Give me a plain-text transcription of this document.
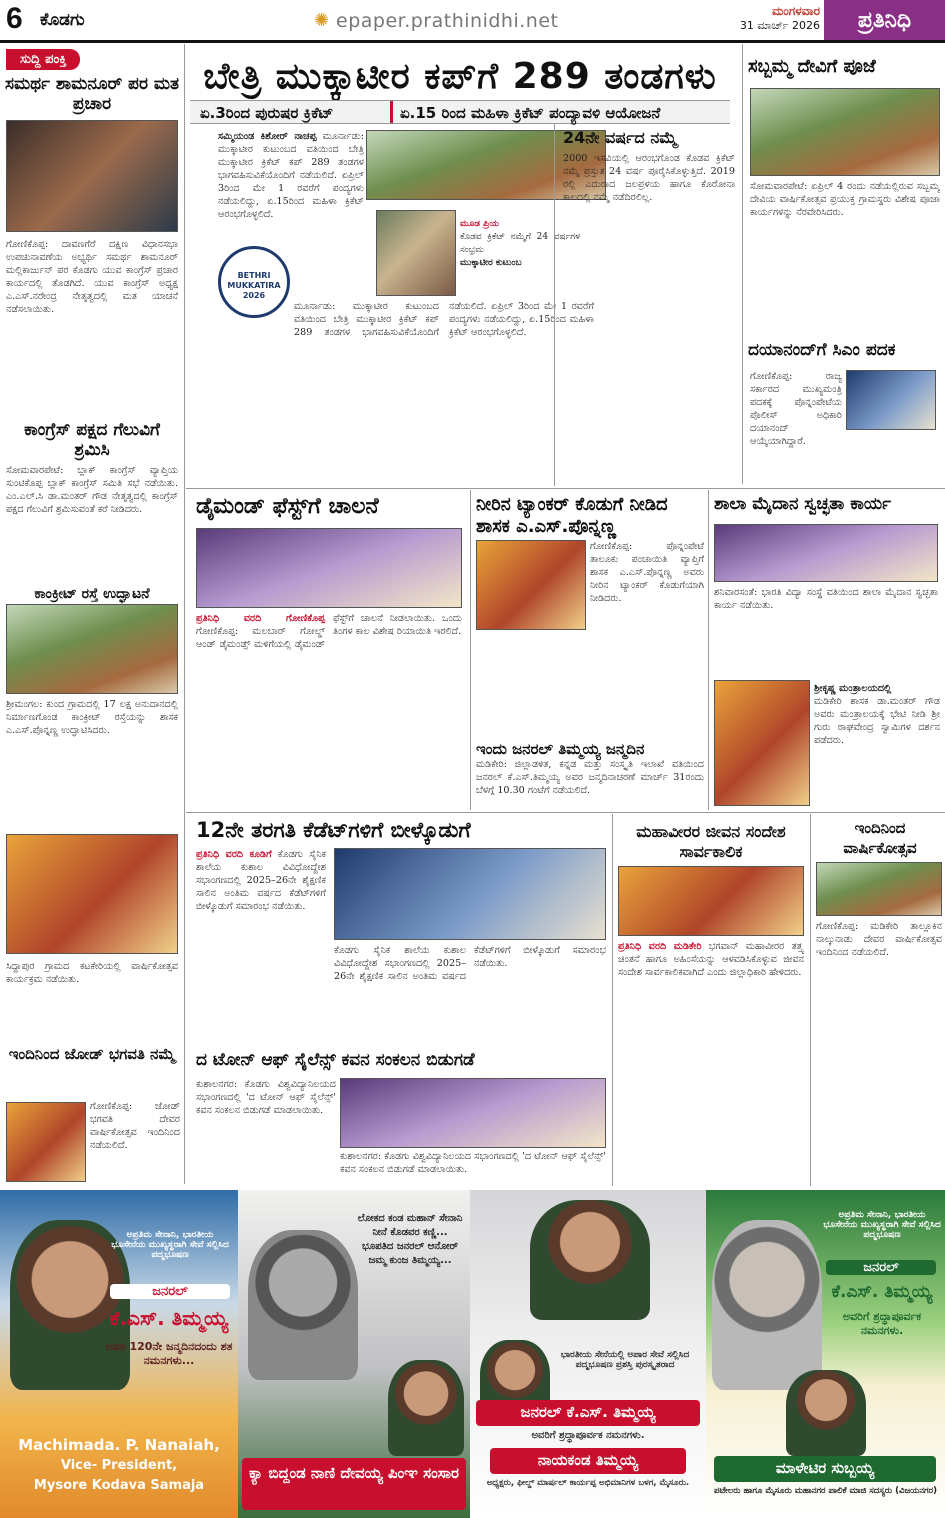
6 ಕೊಡಗು	✺ epaper.prathinidhi.net	ಮಂಗಳವಾರ
31 ಮಾರ್ಚ್ 2026	ಪ್ರತಿನಿಧಿ
ಸುದ್ದಿ ಪಂಕ್ತಿ
ಸಮರ್ಥ ಶಾಮನೂರ್ ಪರ ಮತ ಪ್ರಚಾರ
ಗೋಣಿಕೊಪ್ಪ: ದಾವಣಗೆರೆ ದಕ್ಷಿಣ ವಿಧಾನಸಭಾ ಉಪಚುನಾವಣೆಯ ಅಭ್ಯರ್ಥಿ ಸಮರ್ಥ ಶಾಮನೂರ್ ಮಲ್ಲಿಕಾರ್ಜುನ್ ಪರ ಕೊಡಗು ಯುವ ಕಾಂಗ್ರೆಸ್ ಪ್ರಚಾರ ಕಾರ್ಯದಲ್ಲಿ ತೊಡಗಿದೆ. ಯುವ ಕಾಂಗ್ರೆಸ್ ಅಧ್ಯಕ್ಷ ಎ.ಎಸ್.ನರೇಂದ್ರ ನೇತೃತ್ವದಲ್ಲಿ ಮತ ಯಾಚನೆ ನಡೆಸಲಾಯಿತು.
ಕಾಂಗ್ರೆಸ್ ಪಕ್ಷದ ಗೆಲುವಿಗೆ ಶ್ರಮಿಸಿ
ಸೋಮವಾರಪೇಟೆ: ಬ್ಲಾಕ್ ಕಾಂಗ್ರೆಸ್ ವ್ಯಾಪ್ತಿಯ ಸುಂಟಿಕೊಪ್ಪ ಬ್ಲಾಕ್ ಕಾಂಗ್ರೆಸ್ ಸಮಿತಿ ಸಭೆ ನಡೆಯಿತು. ಎಂ.ಎಲ್.ಸಿ ಡಾ.ಮಂತರ್ ಗೌಡ ನೇತೃತ್ವದಲ್ಲಿ ಕಾಂಗ್ರೆಸ್ ಪಕ್ಷದ ಗೆಲುವಿಗೆ ಶ್ರಮಿಸುವಂತೆ ಕರೆ ನೀಡಿದರು.
ಕಾಂಕ್ರೀಟ್ ರಸ್ತೆ ಉದ್ಘಾಟನೆ
ಶ್ರೀಮಂಗಲ: ಕುಂದ ಗ್ರಾಮದಲ್ಲಿ 17 ಲಕ್ಷ ಅನುದಾನದಲ್ಲಿ ನಿರ್ಮಾಣಗೊಂಡ ಕಾಂಕ್ರೀಟ್ ರಸ್ತೆಯನ್ನು ಶಾಸಕ ಎ.ಎಸ್.ಪೊನ್ನಣ್ಣ ಉದ್ಘಾಟಿಸಿದರು.
ಸಿದ್ದಾಪುರ ಗ್ರಾಮದ ಕಟಕೇರಿಯಲ್ಲಿ ವಾರ್ಷಿಕೋತ್ಸವ ಕಾರ್ಯಕ್ರಮ ನಡೆಯಿತು.
ಇಂದಿನಿಂದ ಜೋಡ್ ಭಗವತಿ ನಮ್ಮೆ
ಗೋಣಿಕೊಪ್ಪ: ಜೋಡ್ ಭಗವತಿ ದೇವರ ವಾರ್ಷಿಕೋತ್ಸವ ಇಂದಿನಿಂದ ನಡೆಯಲಿದೆ.
ಬೇತ್ರಿ ಮುಕ್ಕಾಟೀರ ಕಪ್‌ಗೆ 289 ತಂಡಗಳು
ಏ.3ರಿಂದ ಪುರುಷರ ಕ್ರಿಕೆಟ್	ಏ.15 ರಿಂದ ಮಹಿಳಾ ಕ್ರಿಕೆಟ್ ಪಂದ್ಯಾವಳಿ ಆಯೋಜನೆ
ಸಮ್ಮಿಯಂಡ ಕಿಶೋರ್ ನಾಚಪ್ಪ ಮೂರ್ನಾಡು: ಮುಕ್ಕಾಟೀರ ಕುಟುಂಬದ ವತಿಯಿಂದ ಬೇತ್ರಿ ಮುಕ್ಕಾಟೀರ ಕ್ರಿಕೆಟ್ ಕಪ್ 289 ತಂಡಗಳ ಭಾಗವಹಿಸುವಿಕೆಯೊಂದಿಗೆ ನಡೆಯಲಿದೆ. ಏಪ್ರಿಲ್ 3ರಿಂದ ಮೇ 1 ರವರೆಗೆ ಪಂದ್ಯಗಳು ನಡೆಯಲಿದ್ದು, ಏ.15ರಿಂದ ಮಹಿಳಾ ಕ್ರಿಕೆಟ್ ಆರಂಭಗೊಳ್ಳಲಿದೆ.
BETHRI MUKKATIRA 2026
ಮೂಡ ಪ್ರಿಯ
ಕೊಡವ ಕ್ರಿಕೆಟ್ ನಮ್ಮೆಗೆ 24 ವರ್ಷಗಳ ಸಂಭ್ರಮ
ಮುಕ್ಕಾಟೀರ ಕುಟುಂಬ
ಮೂರ್ನಾಡು: ಮುಕ್ಕಾಟೀರ ಕುಟುಂಬದ ವತಿಯಿಂದ ಬೇತ್ರಿ ಮುಕ್ಕಾಟೀರ ಕ್ರಿಕೆಟ್ ಕಪ್ 289 ತಂಡಗಳ ಭಾಗವಹಿಸುವಿಕೆಯೊಂದಿಗೆ ನಡೆಯಲಿದೆ. ಏಪ್ರಿಲ್ 3ರಿಂದ ಮೇ 1 ರವರೆಗೆ ಪಂದ್ಯಗಳು ನಡೆಯಲಿದ್ದು, ಏ.15ರಿಂದ ಮಹಿಳಾ ಕ್ರಿಕೆಟ್ ಆರಂಭಗೊಳ್ಳಲಿದೆ.
24ನೇ ವರ್ಷದ ನಮ್ಮೆ
2000 ಇಸವಿಯಲ್ಲಿ ಆರಂಭಗೊಂಡ ಕೊಡವ ಕ್ರಿಕೆಟ್ ನಮ್ಮೆ ಪ್ರಸ್ತುತ 24 ವರ್ಷ ಪೂರೈಸಿಕೊಳ್ಳುತ್ತಿದೆ. 2019 ರಲ್ಲಿ ಎದುರಾದ ಜಲಪ್ರಳಯ ಹಾಗೂ ಕೊರೋನಾ ಕಾಲದಲ್ಲಿ ನಮ್ಮೆ ನಡೆದಿರಲಿಲ್ಲ.
ಸಬ್ಬಮ್ಮ ದೇವಿಗೆ ಪೂಜೆ
ಸೋಮವಾರಪೇಟೆ: ಏಪ್ರಿಲ್ 4 ರಂದು ನಡೆಯಲ್ಲಿರುವ ಸಬ್ಬಮ್ಮ ದೇವಿಯ ವಾರ್ಷಿಕೋತ್ಸವ ಪ್ರಯುಕ್ತ ಗ್ರಾಮಸ್ಥರು ವಿಶೇಷ ಪೂಜಾ ಕಾರ್ಯಗಳನ್ನು ನೆರವೇರಿಸಿದರು.
ದಯಾನಂದ್‌ಗೆ ಸಿಎಂ ಪದಕ
ಗೋಣಿಕೊಪ್ಪ: ರಾಜ್ಯ ಸರ್ಕಾರದ ಮುಖ್ಯಮಂತ್ರಿ ಪದಕಕ್ಕೆ ಪೊನ್ನಂಪೇಟೆಯ ಪೊಲೀಸ್ ಅಧಿಕಾರಿ ದಯಾನಂದ್ ಆಯ್ಕೆಯಾಗಿದ್ದಾರೆ.
ಡೈಮಂಡ್ ಫೆಸ್ಟ್‌ಗೆ ಚಾಲನೆ
ಪ್ರತಿನಿಧಿ ವರದಿ ಗೋಣಿಕೊಪ್ಪ ಗೋಣಿಕೊಪ್ಪ: ಮಲಬಾರ್ ಗೋಲ್ಡ್ ಆಂಡ್ ಡೈಮಂಡ್ಸ್ ಮಳಿಗೆಯಲ್ಲಿ ಡೈಮಂಡ್ ಫೆಸ್ಟ್‌ಗೆ ಚಾಲನೆ ನೀಡಲಾಯಿತು. ಒಂದು ತಿಂಗಳ ಕಾಲ ವಿಶೇಷ ರಿಯಾಯಿತಿ ಇರಲಿದೆ.
ನೀರಿನ ಟ್ಯಾಂಕರ್ ಕೊಡುಗೆ ನೀಡಿದ ಶಾಸಕ ಎ.ಎಸ್.ಪೊನ್ನಣ್ಣ
ಗೋಣಿಕೊಪ್ಪ: ಪೊನ್ನಂಪೇಟೆ ತಾಲೂಕು ಪಂಚಾಯಿತಿ ವ್ಯಾಪ್ತಿಗೆ ಶಾಸಕ ಎ.ಎಸ್.ಪೊನ್ನಣ್ಣ ಅವರು ನೀರಿನ ಟ್ಯಾಂಕರ್ ಕೊಡುಗೆಯಾಗಿ ನೀಡಿದರು.
ಇಂದು ಜನರಲ್ ತಿಮ್ಮಯ್ಯ ಜನ್ಮದಿನ
ಮಡಿಕೇರಿ: ಜಿಲ್ಲಾಡಳಿತ, ಕನ್ನಡ ಮತ್ತು ಸಂಸ್ಕೃತಿ ಇಲಾಖೆ ವತಿಯಿಂದ ಜನರಲ್ ಕೆ.ಎಸ್.ತಿಮ್ಮಯ್ಯ ಅವರ ಜನ್ಮದಿನಾಚರಣೆ ಮಾರ್ಚ್ 31ರಂದು ಬೆಳಗ್ಗೆ 10.30 ಗಂಟೆಗೆ ನಡೆಯಲಿದೆ.
ಶಾಲಾ ಮೈದಾನ ಸ್ವಚ್ಛತಾ ಕಾರ್ಯ
ಶನಿವಾರಸಂತೆ: ಭಾರತಿ ವಿದ್ಯಾ ಸಂಸ್ಥೆ ವತಿಯಿಂದ ಶಾಲಾ ಮೈದಾನ ಸ್ವಚ್ಛತಾ ಕಾರ್ಯ ನಡೆಯಿತು.
ಶ್ರೀಕೃಷ್ಣ ಮಂತ್ರಾಲಯದಲ್ಲಿ
ಮಡಿಕೇರಿ ಶಾಸಕ ಡಾ.ಮಂತರ್ ಗೌಡ ಅವರು ಮಂತ್ರಾಲಯಕ್ಕೆ ಭೇಟಿ ನೀಡಿ ಶ್ರೀ ಗುರು ರಾಘವೇಂದ್ರ ಸ್ವಾಮಿಗಳ ದರ್ಶನ ಪಡೆದರು.
12ನೇ ತರಗತಿ ಕೆಡೆಟ್‌ಗಳಿಗೆ ಬೀಳ್ಕೊಡುಗೆ
ಪ್ರತಿನಿಧಿ ವರದಿ ಕೂಡಿಗೆ ಕೊಡಗು ಸೈನಿಕ ಶಾಲೆಯ ಕುಶಾಲ ವಿವಿಧೋದ್ದೇಶ ಸಭಾಂಗಣದಲ್ಲಿ 2025–26ನೇ ಶೈಕ್ಷಣಿಕ ಸಾಲಿನ ಅಂತಿಮ ವರ್ಷದ ಕೆಡೆಟ್‌ಗಳಿಗೆ ಬೀಳ್ಕೊಡುಗೆ ಸಮಾರಂಭ ನಡೆಯಿತು.
ಕೊಡಗು ಸೈನಿಕ ಶಾಲೆಯ ಕುಶಾಲ ವಿವಿಧೋದ್ದೇಶ ಸಭಾಂಗಣದಲ್ಲಿ 2025–26ನೇ ಶೈಕ್ಷಣಿಕ ಸಾಲಿನ ಅಂತಿಮ ವರ್ಷದ ಕೆಡೆಟ್‌ಗಳಿಗೆ ಬೀಳ್ಕೊಡುಗೆ ಸಮಾರಂಭ ನಡೆಯಿತು.
ದ ಟೋನ್ ಆಫ್ ಸೈಲೆನ್ಸ್ ಕವನ ಸಂಕಲನ ಬಿಡುಗಡೆ
ಕುಶಾಲನಗರ: ಕೊಡಗು ವಿಶ್ವವಿದ್ಯಾನಿಲಯದ ಸಭಾಂಗಣದಲ್ಲಿ 'ದ ಟೋನ್ ಆಫ್ ಸೈಲೆನ್ಸ್' ಕವನ ಸಂಕಲನ ಬಿಡುಗಡೆ ಮಾಡಲಾಯಿತು.
ಕುಶಾಲನಗರ: ಕೊಡಗು ವಿಶ್ವವಿದ್ಯಾನಿಲಯದ ಸಭಾಂಗಣದಲ್ಲಿ 'ದ ಟೋನ್ ಆಫ್ ಸೈಲೆನ್ಸ್' ಕವನ ಸಂಕಲನ ಬಿಡುಗಡೆ ಮಾಡಲಾಯಿತು.
ಮಹಾವೀರರ ಜೀವನ ಸಂದೇಶ ಸಾರ್ವಕಾಲಿಕ
ಪ್ರತಿನಿಧಿ ವರದಿ ಮಡಿಕೇರಿ ಭಗವಾನ್ ಮಹಾವೀರರ ತತ್ತ್ವ ಚಿಂತನೆ ಹಾಗೂ ಅಹಿಂಸೆಯನ್ನು ಆಳವಡಿಸಿಕೊಳ್ಳುವ ಜೀವನ ಸಂದೇಶ ಸಾರ್ವಕಾಲಿಕವಾಗಿದೆ ಎಂದು ಜಿಲ್ಲಾಧಿಕಾರಿ ಹೇಳಿದರು.
ಇಂದಿನಿಂದ ವಾರ್ಷಿಕೋತ್ಸವ
ಗೋಣಿಕೊಪ್ಪ: ಮಡಿಕೇರಿ ತಾಲ್ಲೂಕಿನ ನಾಲ್ಕುನಾಡು ದೇವರ ವಾರ್ಷಿಕೋತ್ಸವ ಇಂದಿನಿಂದ ನಡೆಯಲಿದೆ.
ಅಪ್ರತಿಮ ಸೇನಾನಿ, ಭಾರತೀಯ ಭೂಸೇನೆಯ ಮುಖ್ಯಸ್ಥರಾಗಿ ಸೇವೆ ಸಲ್ಲಿಸಿದ ಪದ್ಮಭೂಷಣ
ಜನರಲ್
ಕೆ.ಎಸ್. ತಿಮ್ಮಯ್ಯ
ಅವರ 120ನೇ ಜನ್ಮದಿನದಂದು ಶತ ನಮನಗಳು...
Machimada. P. Nanaiah,
Vice- President,
Mysore Kodava Samaja
ಲೋಕದ ಕಂಡ ಮಹಾನ್ ಸೇನಾನಿ ನೀನೆ ಕೊಡವರ ಕಣ್ಣಿ... ಭೂಪತಿದ ಜನರಲ್ ಆನೋರ್ ಜಮ್ಮ ಕುಂಜ ತಿಮ್ಮಯ್ಯ...
ಕ್ಯಾ ಬಿದ್ದಂಡ ನಾಣಿ ದೇವಯ್ಯ ಪಿಂಞ ಸಂಸಾರ
ಭಾರತೀಯ ಸೇನೆಯಲ್ಲಿ ಅಪಾರ ಸೇವೆ ಸಲ್ಲಿಸಿದ ಪದ್ಮಭೂಷಣ ಪ್ರಶಸ್ತಿ ಪುರಸ್ಕೃತರಾದ
ಜನರಲ್ ಕೆ.ಎಸ್. ತಿಮ್ಮಯ್ಯ
ಅವರಿಗೆ ಶ್ರದ್ಧಾಪೂರ್ವಕ ನಮನಗಳು.
ನಾಯಕಂಡ ತಿಮ್ಮಯ್ಯ
ಅಧ್ಯಕ್ಷರು, ಫೀಲ್ಡ್ ಮಾರ್ಷಲ್ ಕಾರ್ಯಪ್ಪ ಅಭಿಮಾನಿಗಳ ಬಳಗ, ಮೈಸೂರು.
ಅಪ್ರತಿಮ ಸೇನಾನಿ, ಭಾರತೀಯ ಭೂಸೇನೆಯ ಮುಖ್ಯಸ್ಥರಾಗಿ ಸೇವೆ ಸಲ್ಲಿಸಿದ ಪದ್ಮಭೂಷಣ
ಜನರಲ್
ಕೆ.ಎಸ್. ತಿಮ್ಮಯ್ಯ
ಅವರಿಗೆ ಶ್ರದ್ಧಾಪೂರ್ವಕ ನಮನಗಳು.
ಮಾಳೇಟಿರ ಸುಬ್ಬಯ್ಯ
ಪಟೇಲರು ಹಾಗೂ ಮೈಸೂರು ಮಹಾನಗರ ಪಾಲಿಕೆ ಮಾಜಿ ಸದಸ್ಯರು (ವಿಜಯನಗರ)
